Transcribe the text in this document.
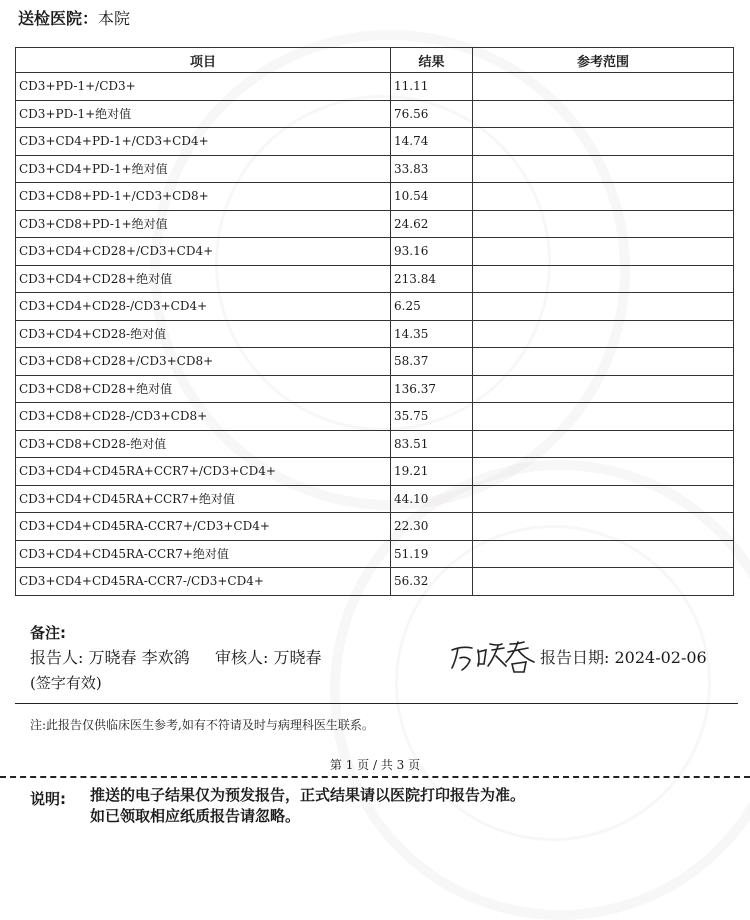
送检医院：本院
项目	结果	参考范围
CD3+PD-1+/CD3+	11.11	
CD3+PD-1+绝对值	76.56	
CD3+CD4+PD-1+/CD3+CD4+	14.74	
CD3+CD4+PD-1+绝对值	33.83	
CD3+CD8+PD-1+/CD3+CD8+	10.54	
CD3+CD8+PD-1+绝对值	24.62	
CD3+CD4+CD28+/CD3+CD4+	93.16	
CD3+CD4+CD28+绝对值	213.84	
CD3+CD4+CD28-/CD3+CD4+	6.25	
CD3+CD4+CD28-绝对值	14.35	
CD3+CD8+CD28+/CD3+CD8+	58.37	
CD3+CD8+CD28+绝对值	136.37	
CD3+CD8+CD28-/CD3+CD8+	35.75	
CD3+CD8+CD28-绝对值	83.51	
CD3+CD4+CD45RA+CCR7+/CD3+CD4+	19.21	
CD3+CD4+CD45RA+CCR7+绝对值	44.10	
CD3+CD4+CD45RA-CCR7+/CD3+CD4+	22.30	
CD3+CD4+CD45RA-CCR7+绝对值	51.19	
CD3+CD4+CD45RA-CCR7-/CD3+CD4+	56.32	
备注:
报告人: 万晓春 李欢鹆 审核人: 万晓春	报告日期: 2024-02-06
(签字有效)
注:此报告仅供临床医生参考,如有不符请及时与病理科医生联系。
第 1 页 / 共 3 页
说明: 推送的电子结果仅为预发报告，正式结果请以医院打印报告为准。
如已领取相应纸质报告请忽略。
